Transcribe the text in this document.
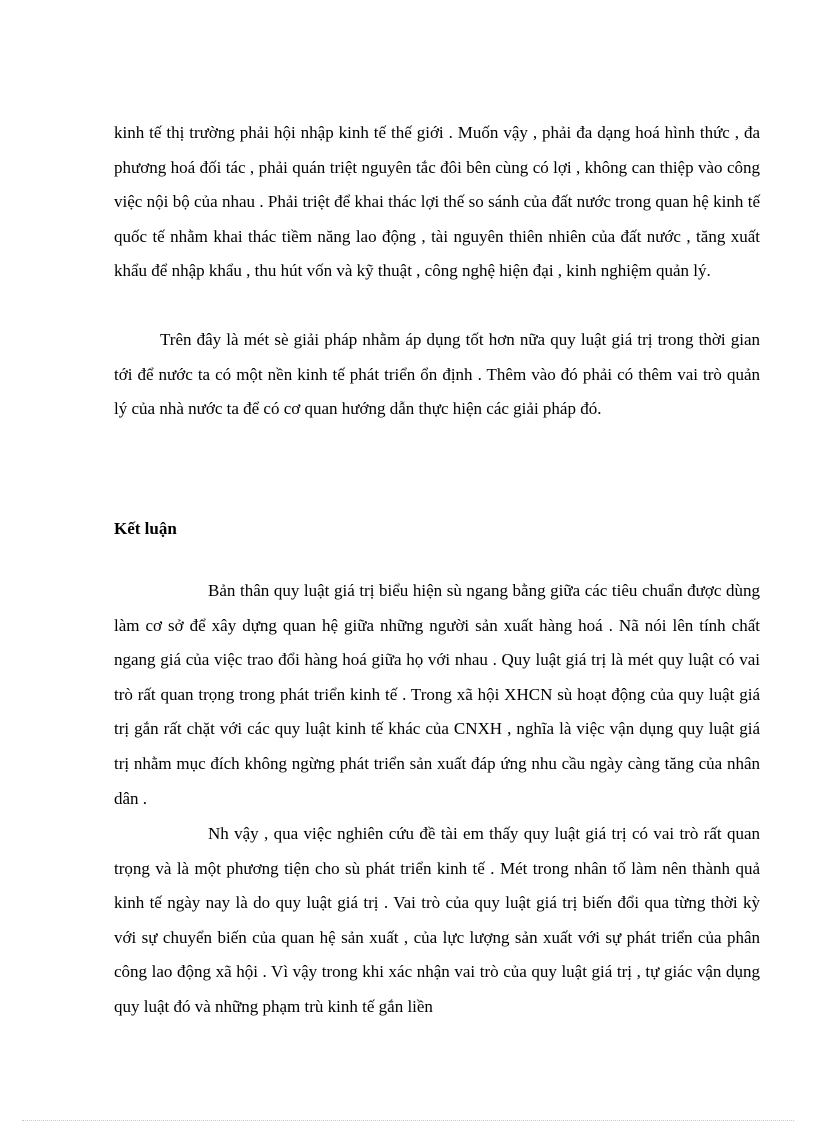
kinh tế thị trường phải hội nhập kinh tế thế giới . Muốn vậy , phải đa dạng hoá hình thức , đa phương hoá đối tác , phải quán triệt nguyên tắc đôi bên cùng có lợi , không can thiệp vào công việc nội bộ của nhau . Phải triệt để khai thác lợi thế so sánh của đất nước trong quan hệ kinh tế quốc tế nhằm khai thác tiềm năng lao động , tài nguyên thiên nhiên của đất nước , tăng xuất khẩu để nhập khẩu , thu hút vốn và kỹ thuật , công nghệ hiện đại , kinh nghiệm quản lý.

Trên đây là mét sè giải pháp nhằm áp dụng tốt hơn nữa quy luật giá trị trong thời gian tới để nước ta có một nền kinh tế phát triển ổn định . Thêm vào đó phải có thêm vai trò quản lý của nhà nước ta để có cơ quan hướng dẫn thực hiện các giải pháp đó.

Kết luận

Bản thân quy luật giá trị biểu hiện sù ngang bằng giữa các tiêu chuẩn được dùng làm cơ sở để xây dựng quan hệ giữa những người sản xuất hàng hoá . Nã nói lên tính chất ngang giá của việc trao đổi hàng hoá giữa họ với nhau . Quy luật giá trị là mét quy luật có vai trò rất quan trọng trong phát triển kinh tế . Trong xã hội XHCN sù hoạt động của quy luật giá trị gắn rất chặt với các quy luật kinh tế khác của CNXH , nghĩa là việc vận dụng quy luật giá trị nhằm mục đích không ngừng phát triển sản xuất đáp ứng nhu cầu ngày càng tăng của nhân dân .

Nh vậy , qua việc nghiên cứu đề tài em thấy quy luật giá trị có vai trò rất quan trọng và là một phương tiện cho sù phát triển kinh tế . Mét trong nhân tố làm nên thành quả kinh tế ngày nay là do quy luật giá trị . Vai trò của quy luật giá trị biến đổi qua từng thời kỳ với sự chuyển biến của quan hệ sản xuất , của lực lượng sản xuất với sự phát triển của phân công lao động xã hội . Vì vậy trong khi xác nhận vai trò của quy luật giá trị , tự giác vận dụng quy luật đó và những phạm trù kinh tế gắn liền
